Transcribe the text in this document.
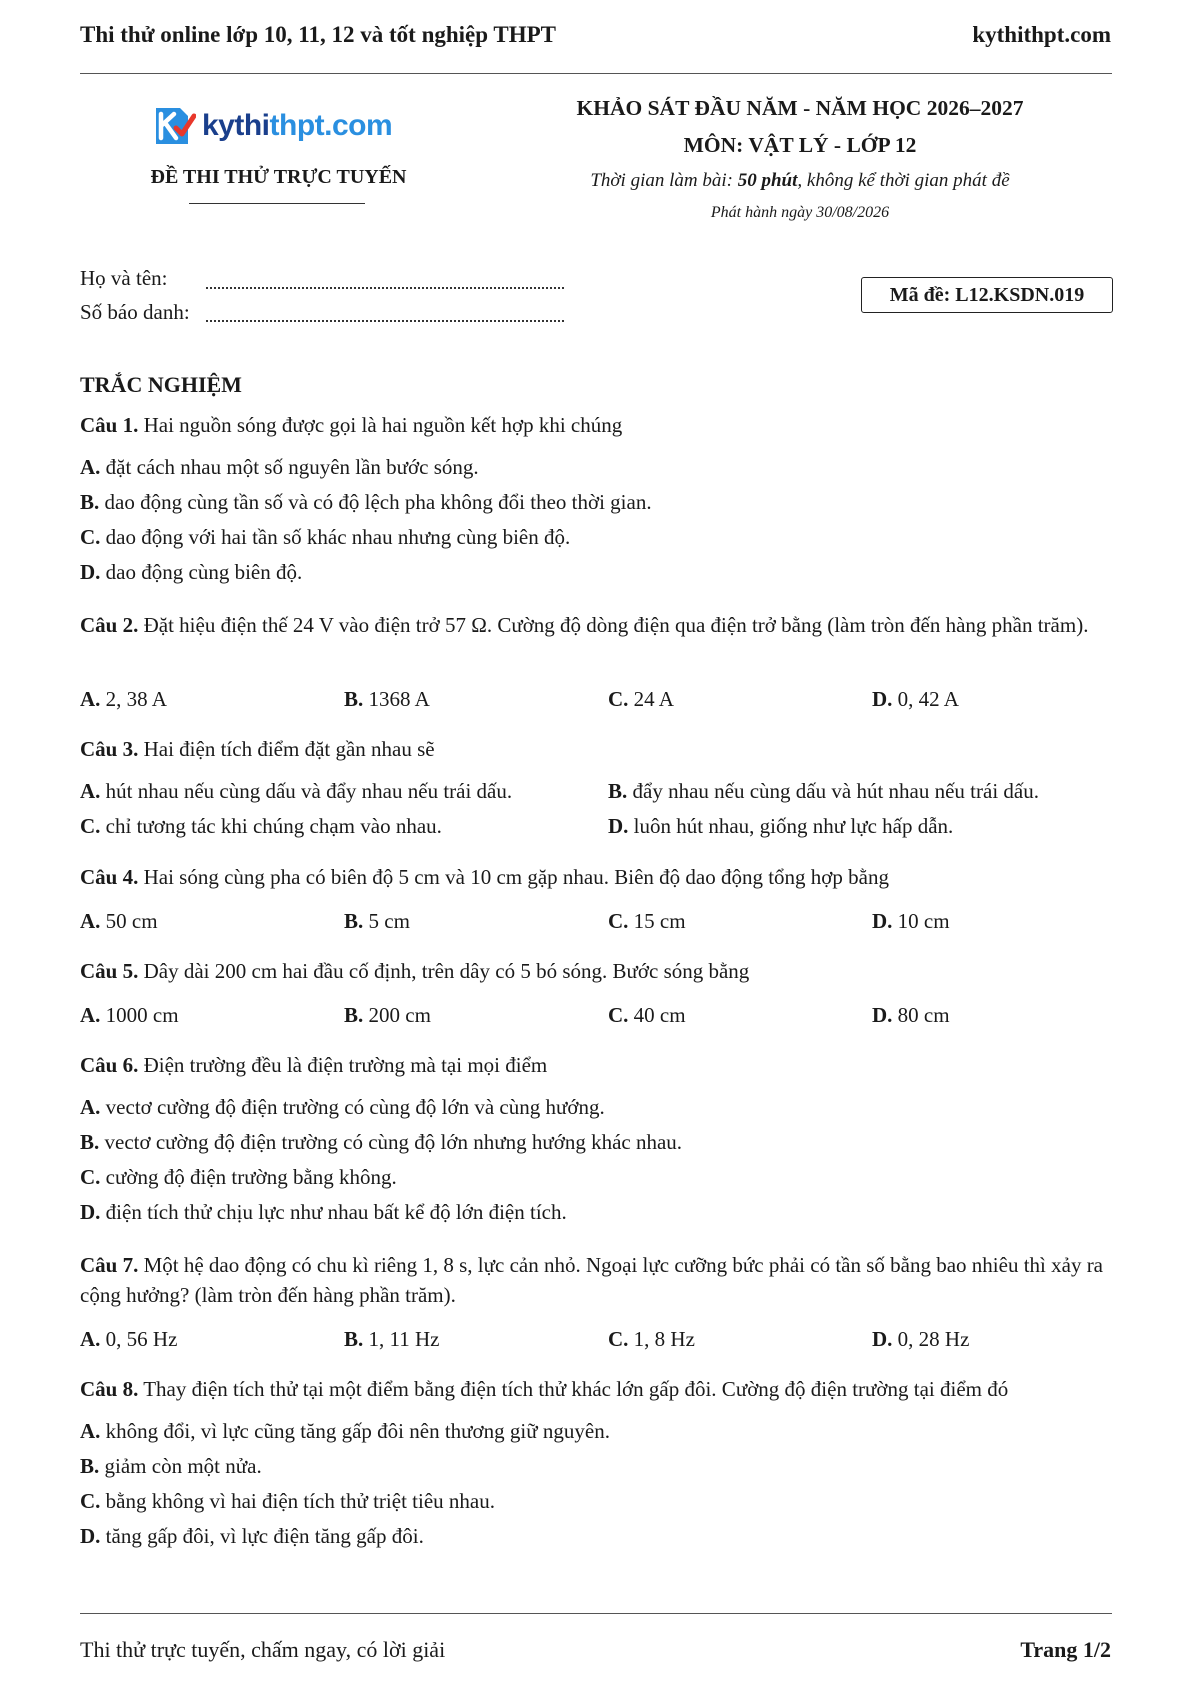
Thi thử online lớp 10, 11, 12 và tốt nghiệp THPT	kythithpt.com
kythithpt.com
ĐỀ THI THỬ TRỰC TUYẾN
KHẢO SÁT ĐẦU NĂM - NĂM HỌC 2026–2027
MÔN: VẬT LÝ - LỚP 12
Thời gian làm bài: 50 phút, không kể thời gian phát đề
Phát hành ngày 30/08/2026
Họ và tên:
Số báo danh:
Mã đề: L12.KSDN.019
TRẮC NGHIỆM
Câu 1. Hai nguồn sóng được gọi là hai nguồn kết hợp khi chúng
A. đặt cách nhau một số nguyên lần bước sóng.
B. dao động cùng tần số và có độ lệch pha không đổi theo thời gian.
C. dao động với hai tần số khác nhau nhưng cùng biên độ.
D. dao động cùng biên độ.
Câu 2. Đặt hiệu điện thế 24 V vào điện trở 57 Ω. Cường độ dòng điện qua điện trở bằng (làm tròn đến hàng phần trăm).
A. 2, 38 A	B. 1368 A	C. 24 A	D. 0, 42 A
Câu 3. Hai điện tích điểm đặt gần nhau sẽ
A. hút nhau nếu cùng dấu và đẩy nhau nếu trái dấu.	B. đẩy nhau nếu cùng dấu và hút nhau nếu trái dấu.
C. chỉ tương tác khi chúng chạm vào nhau.	D. luôn hút nhau, giống như lực hấp dẫn.
Câu 4. Hai sóng cùng pha có biên độ 5 cm và 10 cm gặp nhau. Biên độ dao động tổng hợp bằng
A. 50 cm	B. 5 cm	C. 15 cm	D. 10 cm
Câu 5. Dây dài 200 cm hai đầu cố định, trên dây có 5 bó sóng. Bước sóng bằng
A. 1000 cm	B. 200 cm	C. 40 cm	D. 80 cm
Câu 6. Điện trường đều là điện trường mà tại mọi điểm
A. vectơ cường độ điện trường có cùng độ lớn và cùng hướng.
B. vectơ cường độ điện trường có cùng độ lớn nhưng hướng khác nhau.
C. cường độ điện trường bằng không.
D. điện tích thử chịu lực như nhau bất kể độ lớn điện tích.
Câu 7. Một hệ dao động có chu kì riêng 1, 8 s, lực cản nhỏ. Ngoại lực cưỡng bức phải có tần số bằng bao nhiêu thì xảy ra cộng hưởng? (làm tròn đến hàng phần trăm).
A. 0, 56 Hz	B. 1, 11 Hz	C. 1, 8 Hz	D. 0, 28 Hz
Câu 8. Thay điện tích thử tại một điểm bằng điện tích thử khác lớn gấp đôi. Cường độ điện trường tại điểm đó
A. không đổi, vì lực cũng tăng gấp đôi nên thương giữ nguyên.
B. giảm còn một nửa.
C. bằng không vì hai điện tích thử triệt tiêu nhau.
D. tăng gấp đôi, vì lực điện tăng gấp đôi.
Thi thử trực tuyến, chấm ngay, có lời giải	Trang 1/2
